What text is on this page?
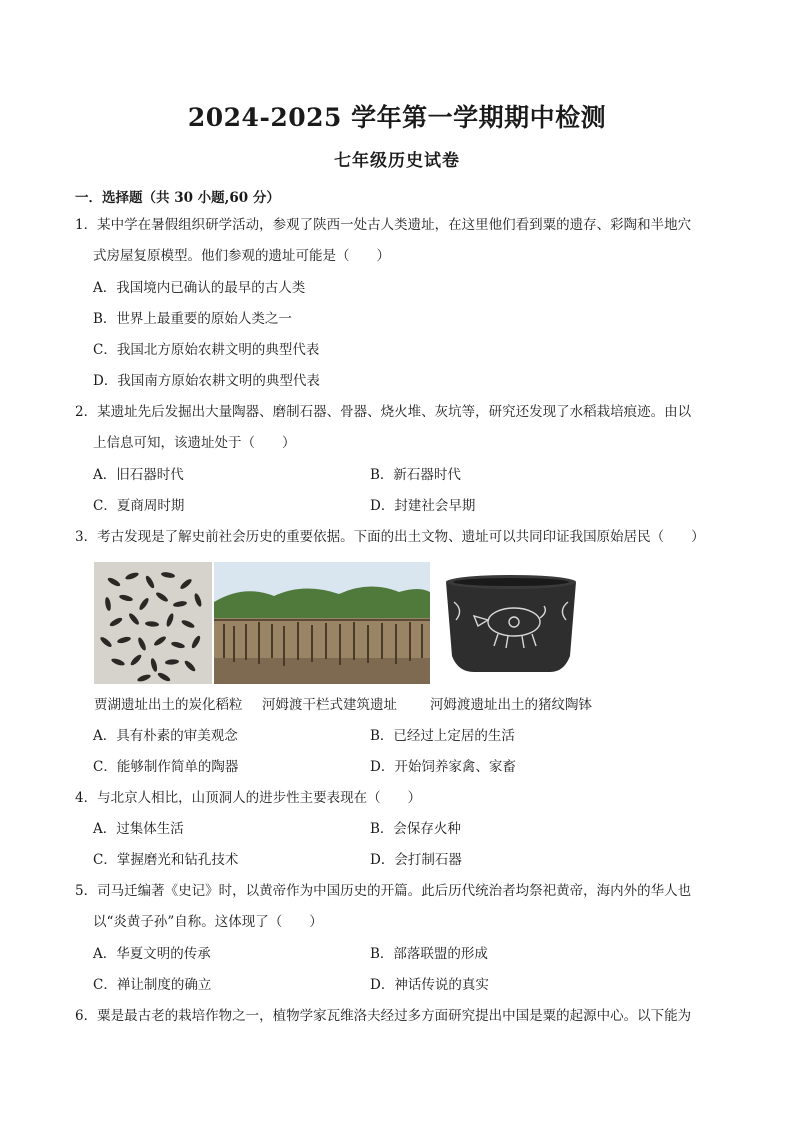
2024-2025 学年第一学期期中检测
七年级历史试卷
一．选择题（共 30 小题,60 分）
1．某中学在暑假组织研学活动，参观了陕西一处古人类遗址，在这里他们看到粟的遗存、彩陶和半地穴
式房屋复原模型。他们参观的遗址可能是（　　）
A．我国境内已确认的最早的古人类
B．世界上最重要的原始人类之一
C．我国北方原始农耕文明的典型代表
D．我国南方原始农耕文明的典型代表
2．某遗址先后发掘出大量陶器、磨制石器、骨器、烧火堆、灰坑等，研究还发现了水稻栽培痕迹。由以
上信息可知，该遗址处于（　　）
A．旧石器时代	B．新石器时代
C．夏商周时期	D．封建社会早期
3．考古发现是了解史前社会历史的重要依据。下面的出土文物、遗址可以共同印证我国原始居民（　　）
贾湖遗址出土的炭化稻粒 河姆渡干栏式建筑遗址 河姆渡遗址出土的猪纹陶钵
A．具有朴素的审美观念	B．已经过上定居的生活
C．能够制作简单的陶器	D．开始饲养家禽、家畜
4．与北京人相比，山顶洞人的进步性主要表现在（　　）
A．过集体生活	B．会保存火种
C．掌握磨光和钻孔技术	D．会打制石器
5．司马迁编著《史记》时，以黄帝作为中国历史的开篇。此后历代统治者均祭祀黄帝，海内外的华人也
以“炎黄子孙”自称。这体现了（　　）
A．华夏文明的传承	B．部落联盟的形成
C．禅让制度的确立	D．神话传说的真实
6．粟是最古老的栽培作物之一，植物学家瓦维洛夫经过多方面研究提出中国是粟的起源中心。以下能为
